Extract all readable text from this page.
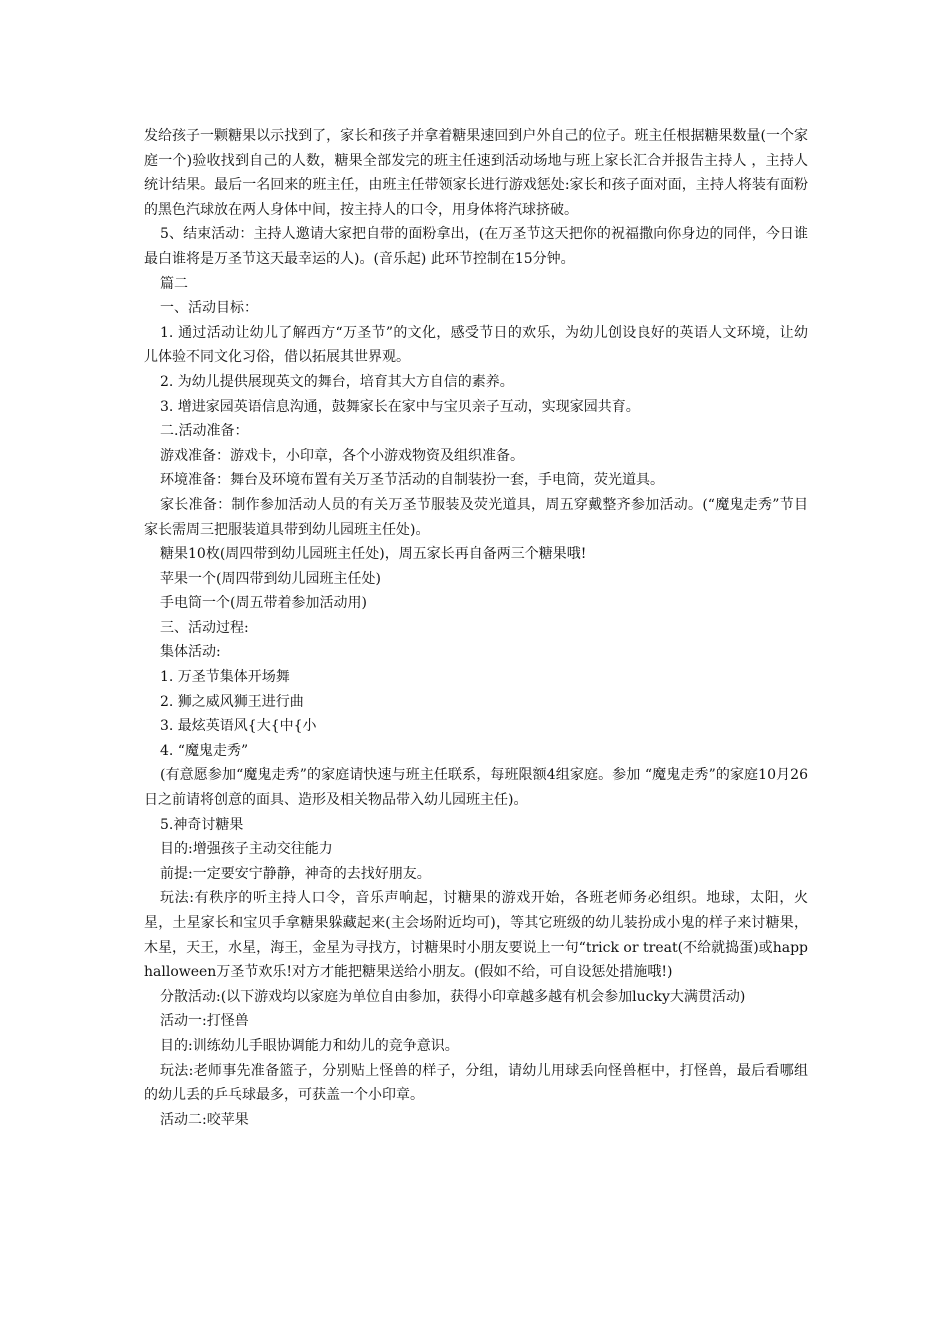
发给孩子一颗糖果以示找到了，家长和孩子并拿着糖果速回到户外自己的位子。班主任根据糖果数量(一个家庭一个)验收找到自己的人数，糖果全部发完的班主任速到活动场地与班上家长汇合并报告主持人 ，主持人统计结果。最后一名回来的班主任，由班主任带领家长进行游戏惩处:家长和孩子面对面，主持人将装有面粉的黑色汽球放在两人身体中间，按主持人的口令，用身体将汽球挤破。

5、结束活动：主持人邀请大家把自带的面粉拿出，(在万圣节这天把你的祝福撒向你身边的同伴，今日谁最白谁将是万圣节这天最幸运的人)。(音乐起) 此环节控制在15分钟。

篇二

一、活动目标：

1. 通过活动让幼儿了解西方“万圣节”的文化，感受节日的欢乐，为幼儿创设良好的英语人文环境，让幼儿体验不同文化习俗，借以拓展其世界观。

2. 为幼儿提供展现英文的舞台，培育其大方自信的素养。

3. 增进家园英语信息沟通，鼓舞家长在家中与宝贝亲子互动，实现家园共育。

二.活动准备：

游戏准备：游戏卡，小印章，各个小游戏物资及组织准备。

环境准备：舞台及环境布置有关万圣节活动的自制装扮一套，手电筒，荧光道具。

家长准备：制作参加活动人员的有关万圣节服装及荧光道具，周五穿戴整齐参加活动。(“魔鬼走秀”节目家长需周三把服装道具带到幼儿园班主任处)。

糖果10枚(周四带到幼儿园班主任处)，周五家长再自备两三个糖果哦!

苹果一个(周四带到幼儿园班主任处)

手电筒一个(周五带着参加活动用)

三、活动过程:

集体活动:

1. 万圣节集体开场舞

2. 狮之威风狮王进行曲

3. 最炫英语风{大{中{小

4. “魔鬼走秀”

(有意愿参加“魔鬼走秀”的家庭请快速与班主任联系，每班限额4组家庭。参加 “魔鬼走秀”的家庭10月26日之前请将创意的面具、造形及相关物品带入幼儿园班主任)。

5.神奇讨糖果

目的:增强孩子主动交往能力

前提:一定要安宁静静，神奇的去找好朋友。

玩法:有秩序的听主持人口令，音乐声响起，讨糖果的游戏开始，各班老师务必组织。地球，太阳，火星，土星家长和宝贝手拿糖果躲藏起来(主会场附近均可)，等其它班级的幼儿装扮成小鬼的样子来讨糖果，木星，天王，水星，海王，金星为寻找方，讨糖果时小朋友要说上一句“trick or treat(不给就捣蛋)或happhalloween万圣节欢乐!对方才能把糖果送给小朋友。(假如不给，可自设惩处措施哦!)

分散活动:(以下游戏均以家庭为单位自由参加，获得小印章越多越有机会参加lucky大满贯活动)

活动一:打怪兽

目的:训练幼儿手眼协调能力和幼儿的竞争意识。

玩法:老师事先准备篮子，分别贴上怪兽的样子，分组，请幼儿用球丢向怪兽框中，打怪兽，最后看哪组的幼儿丢的乒乓球最多，可获盖一个小印章。

活动二:咬苹果
